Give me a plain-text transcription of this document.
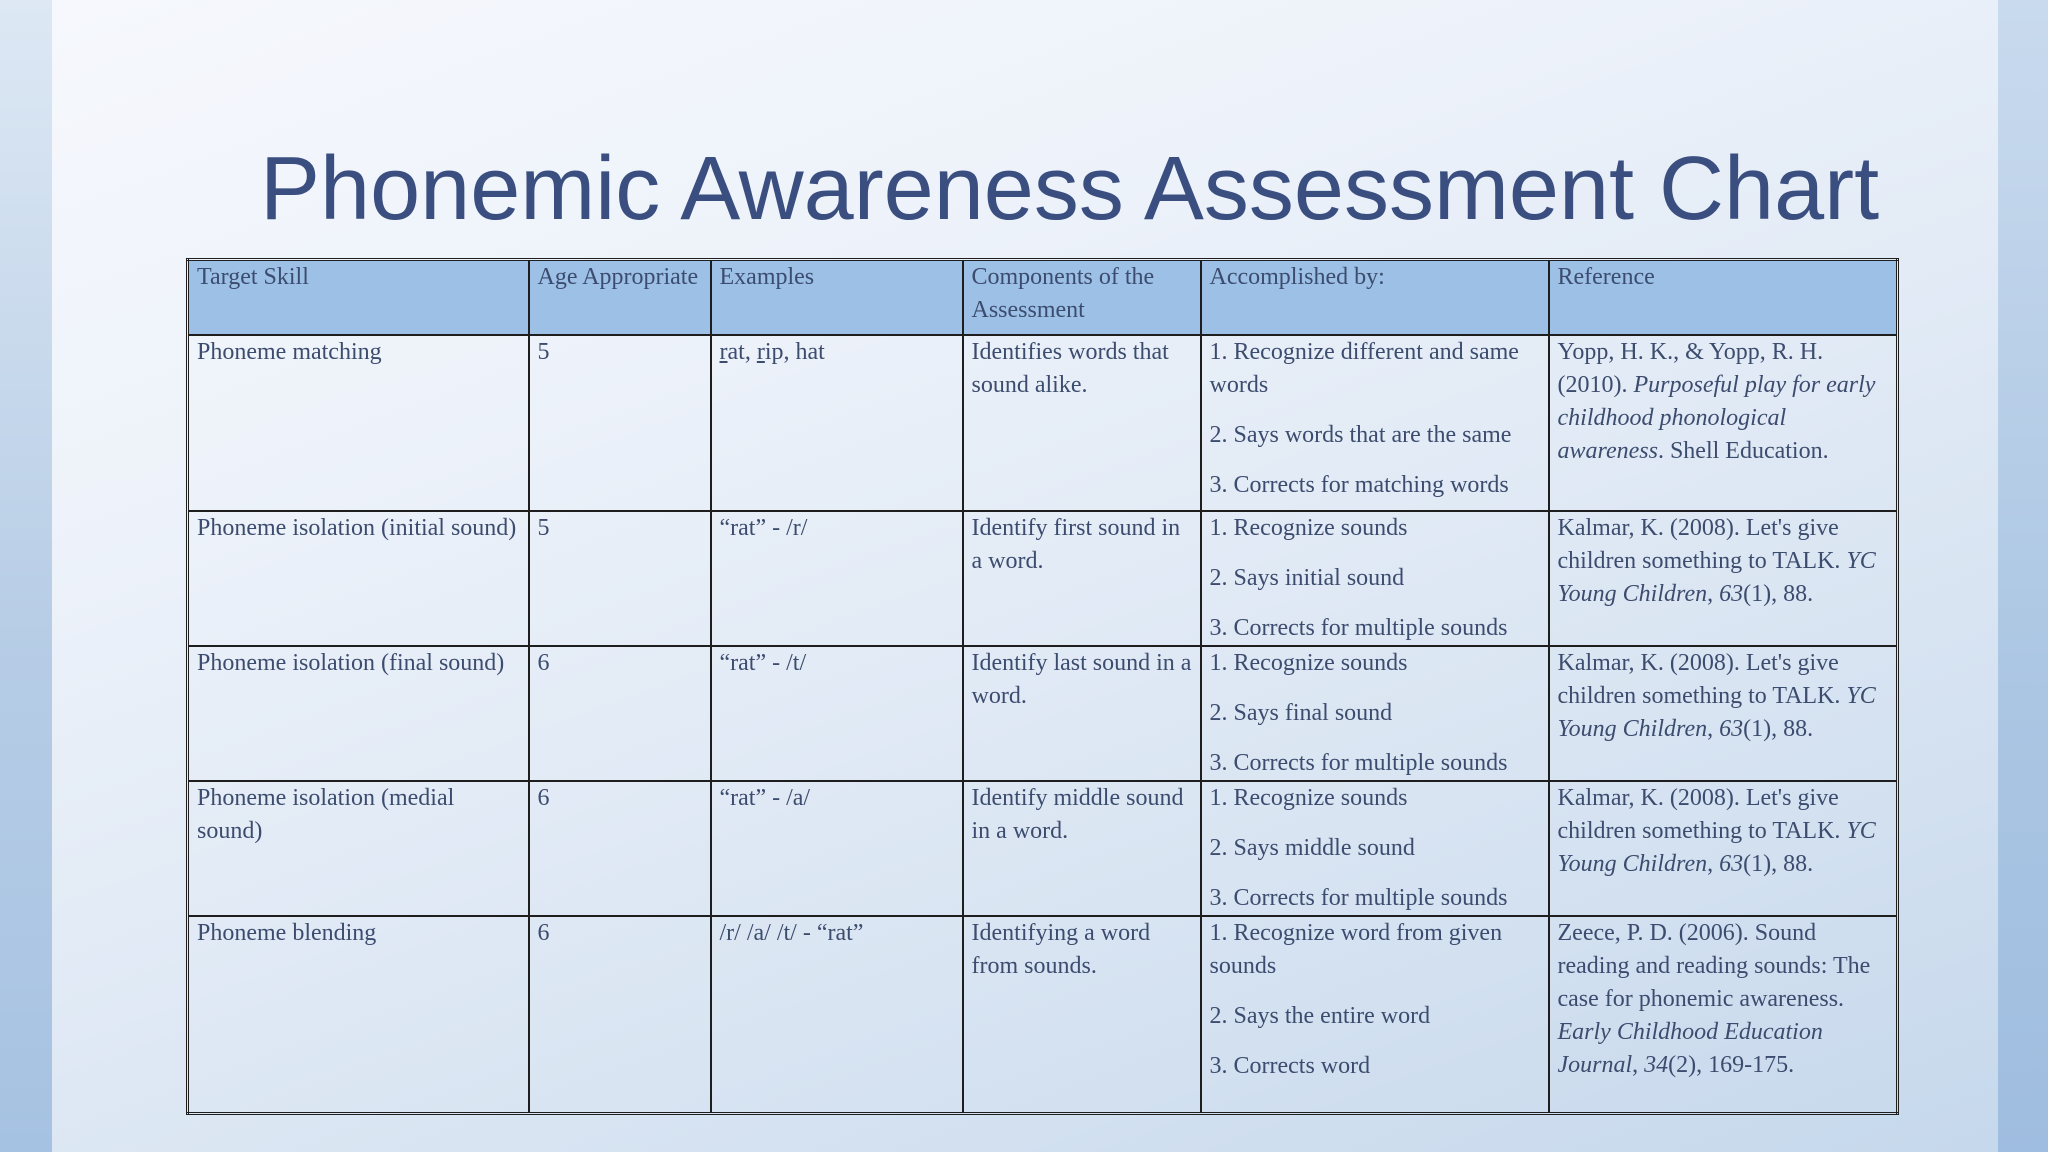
Phonemic Awareness Assessment Chart
Target Skill	Age Appropriate	Examples	Components of the Assessment	Accomplished by:	Reference
Phoneme matching	5	rat, rip, hat	Identifies words that sound alike.	1. Recognize different and same words
2. Says words that are the same
3. Corrects for matching words	Yopp, H. K., & Yopp, R. H. (2010). Purposeful play for early childhood phonological awareness. Shell Education.
Phoneme isolation (initial sound)	5	“rat” - /r/	Identify first sound in a word.	1. Recognize sounds
2. Says initial sound
3. Corrects for multiple sounds	Kalmar, K. (2008). Let's give children something to TALK. YC Young Children, 63(1), 88.
Phoneme isolation (final sound)	6	“rat” - /t/	Identify last sound in a word.	1. Recognize sounds
2. Says final sound
3. Corrects for multiple sounds	Kalmar, K. (2008). Let's give children something to TALK. YC Young Children, 63(1), 88.
Phoneme isolation (medial sound)	6	“rat” - /a/	Identify middle sound in a word.	1. Recognize sounds
2. Says middle sound
3. Corrects for multiple sounds	Kalmar, K. (2008). Let's give children something to TALK. YC Young Children, 63(1), 88.
Phoneme blending	6	/r/ /a/ /t/ - “rat”	Identifying a word from sounds.	1. Recognize word from given sounds
2. Says the entire word
3. Corrects word	Zeece, P. D. (2006). Sound reading and reading sounds: The case for phonemic awareness. Early Childhood Education Journal, 34(2), 169-175.
